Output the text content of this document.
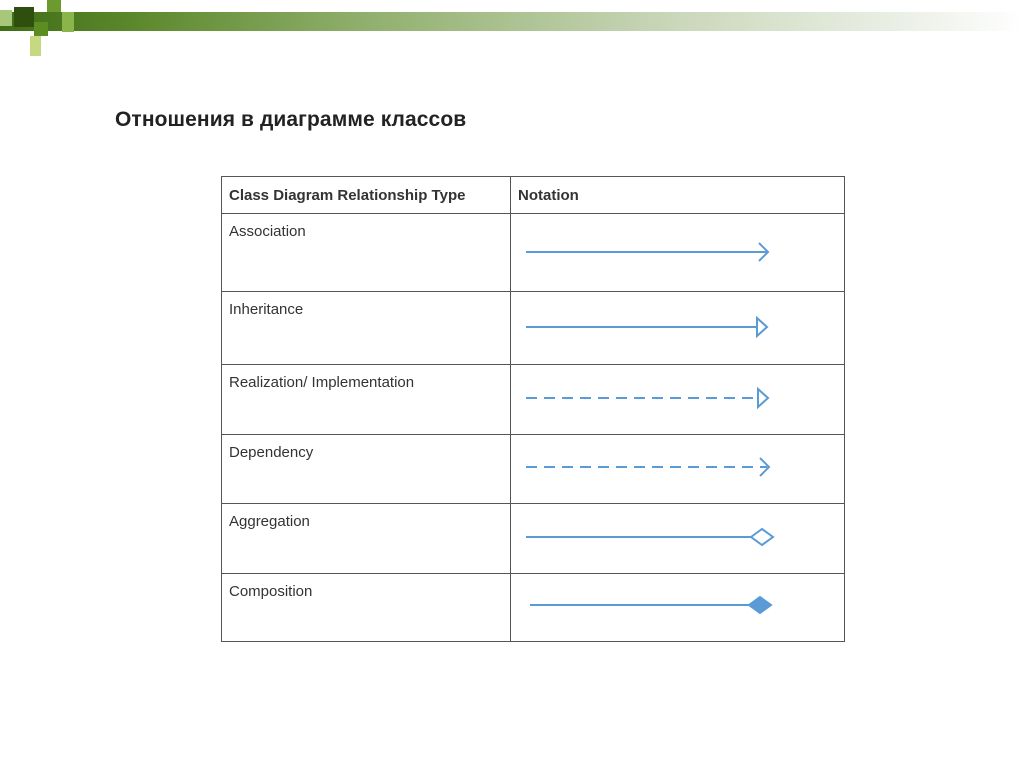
Отношения в диаграмме классов
Class Diagram Relationship Type	Notation

Association

Inheritance

Realization/ Implementation

Dependency

Aggregation

Composition
